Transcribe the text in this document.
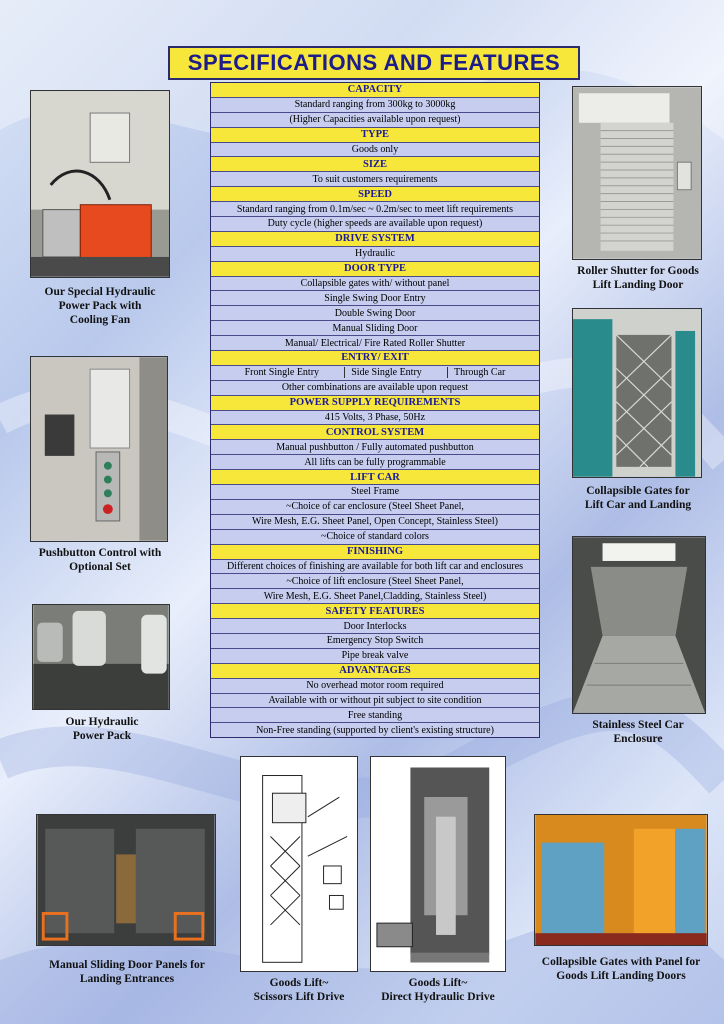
SPECIFICATIONS AND FEATURES
CAPACITY
Standard ranging from 300kg to 3000kg
(Higher Capacities available upon request)
TYPE
Goods only
SIZE
To suit customers requirements
SPEED
Standard ranging from 0.1m/sec ~ 0.2m/sec to meet lift requirements
Duty cycle (higher speeds are available upon request)
DRIVE SYSTEM
Hydraulic
DOOR TYPE
Collapsible gates with/ without panel
Single Swing Door Entry
Double Swing Door
Manual Sliding Door
Manual/ Electrical/ Fire Rated Roller Shutter
ENTRY/ EXIT
Front Single Entry	Side Single Entry	Through Car
Other combinations are available upon request
POWER SUPPLY REQUIREMENTS
415 Volts, 3 Phase, 50Hz
CONTROL SYSTEM
Manual pushbutton / Fully automated pushbutton
All lifts can be fully programmable
LIFT CAR
Steel Frame
~Choice of car enclosure (Steel Sheet Panel,
Wire Mesh, E.G. Sheet Panel, Open Concept, Stainless Steel)
~Choice of standard colors
FINISHING
Different choices of finishing are available for both lift car and enclosures
~Choice of lift enclosure (Steel Sheet Panel,
Wire Mesh, E.G. Sheet Panel,Cladding, Stainless Steel)
SAFETY FEATURES
Door Interlocks
Emergency Stop Switch
Pipe break valve
ADVANTAGES
No overhead motor room required
Available with or without pit subject to site condition
Free standing
Non-Free standing (supported by client's existing structure)
Our Special Hydraulic
Power Pack with
Cooling Fan
Pushbutton Control with
Optional Set
Our Hydraulic
Power Pack
Roller Shutter for Goods
Lift Landing Door
Collapsible Gates for
Lift Car and Landing
Stainless Steel Car
Enclosure
Manual Sliding Door Panels for
Landing Entrances	Goods Lift~
Scissors Lift Drive
Goods Lift~
Direct Hydraulic Drive
Collapsible Gates with Panel for
Goods Lift Landing Doors
